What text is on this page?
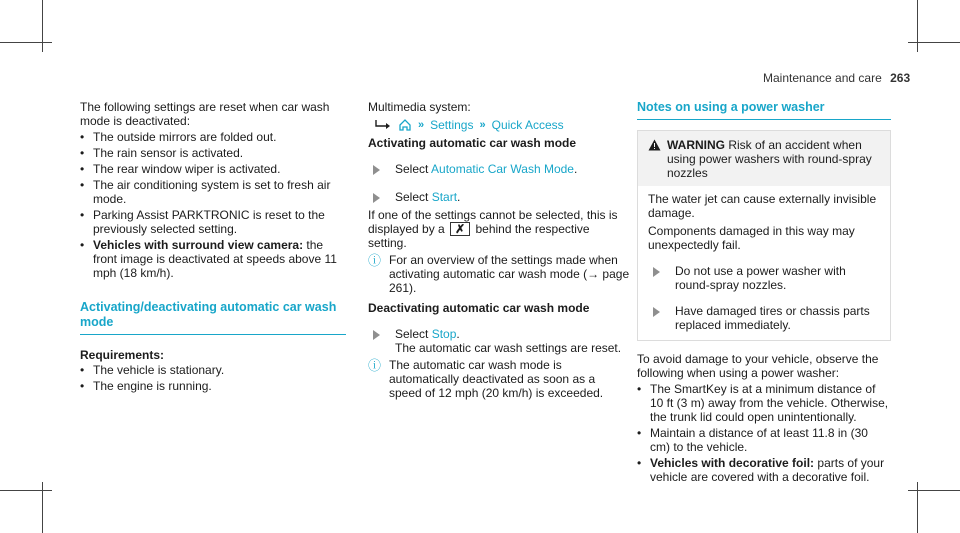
Maintenance and care 263

The following settings are reset when car wash mode is deactivated:

• The outside mirrors are folded out.

• The rain sensor is activated.

• The rear window wiper is activated.

• The air conditioning system is set to fresh air mode.

• Parking Assist PARKTRONIC is reset to the previously selected setting.

• Vehicles with surround view camera: the front image is deactivated at speeds above 11 mph (18 km/h).

Activating/deactivating automatic car wash mode

Requirements:

• The vehicle is stationary.

• The engine is running.

Multimedia system:

» Settings » Quick Access

Activating automatic car wash mode

Select Automatic Car Wash Mode.

Select Start.

If one of the settings cannot be selected, this is displayed by a ✗ behind the respective setting.

ⓘ For an overview of the settings made when activating automatic car wash mode (→ page 261).

Deactivating automatic car wash mode

Select Stop.
The automatic car wash settings are reset.

ⓘ The automatic car wash mode is automatically deactivated as soon as a speed of 12 mph (20 km/h) is exceeded.

Notes on using a power washer

WARNING Risk of an accident when using power washers with round-spray nozzles

The water jet can cause externally invisible damage.

Components damaged in this way may unexpectedly fail.

Do not use a power washer with round-spray nozzles.

Have damaged tires or chassis parts replaced immediately.

To avoid damage to your vehicle, observe the following when using a power washer:

• The SmartKey is at a minimum distance of 10 ft (3 m) away from the vehicle. Otherwise, the trunk lid could open unintentionally.

• Maintain a distance of at least 11.8 in (30 cm) to the vehicle.

• Vehicles with decorative foil: parts of your vehicle are covered with a decorative foil.
